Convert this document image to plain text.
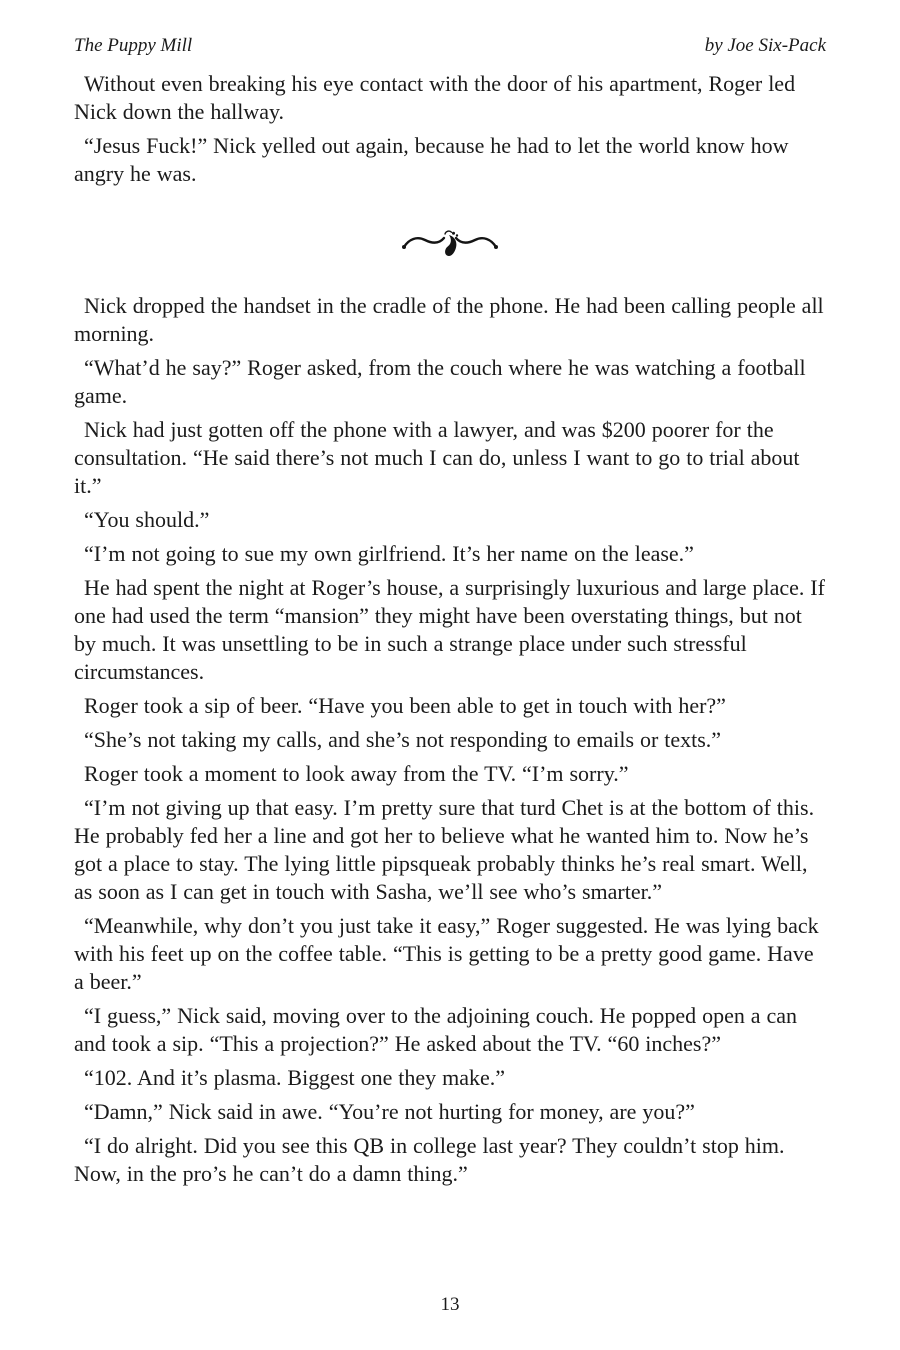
The Puppy Mill	by Joe Six-Pack

Without even breaking his eye contact with the door of his apartment, Roger led Nick down the hallway.

“Jesus Fuck!” Nick yelled out again, because he had to let the world know how angry he was.

Nick dropped the handset in the cradle of the phone. He had been calling people all morning.

“What’d he say?” Roger asked, from the couch where he was watching a football game.

Nick had just gotten off the phone with a lawyer, and was $200 poorer for the consultation. “He said there’s not much I can do, unless I want to go to trial about it.”

“You should.”

“I’m not going to sue my own girlfriend. It’s her name on the lease.”

He had spent the night at Roger’s house, a surprisingly luxurious and large place. If one had used the term “mansion” they might have been overstating things, but not by much. It was unsettling to be in such a strange place under such stressful circumstances.

Roger took a sip of beer. “Have you been able to get in touch with her?”

“She’s not taking my calls, and she’s not responding to emails or texts.”

Roger took a moment to look away from the TV. “I’m sorry.”

“I’m not giving up that easy. I’m pretty sure that turd Chet is at the bottom of this. He probably fed her a line and got her to believe what he wanted him to. Now he’s got a place to stay. The lying little pipsqueak probably thinks he’s real smart. Well, as soon as I can get in touch with Sasha, we’ll see who’s smarter.”

“Meanwhile, why don’t you just take it easy,” Roger suggested. He was lying back with his feet up on the coffee table. “This is getting to be a pretty good game. Have a beer.”

“I guess,” Nick said, moving over to the adjoining couch. He popped open a can and took a sip. “This a projection?” He asked about the TV. “60 inches?”

“102. And it’s plasma. Biggest one they make.”

“Damn,” Nick said in awe. “You’re not hurting for money, are you?”

“I do alright. Did you see this QB in college last year? They couldn’t stop him. Now, in the pro’s he can’t do a damn thing.”

13
